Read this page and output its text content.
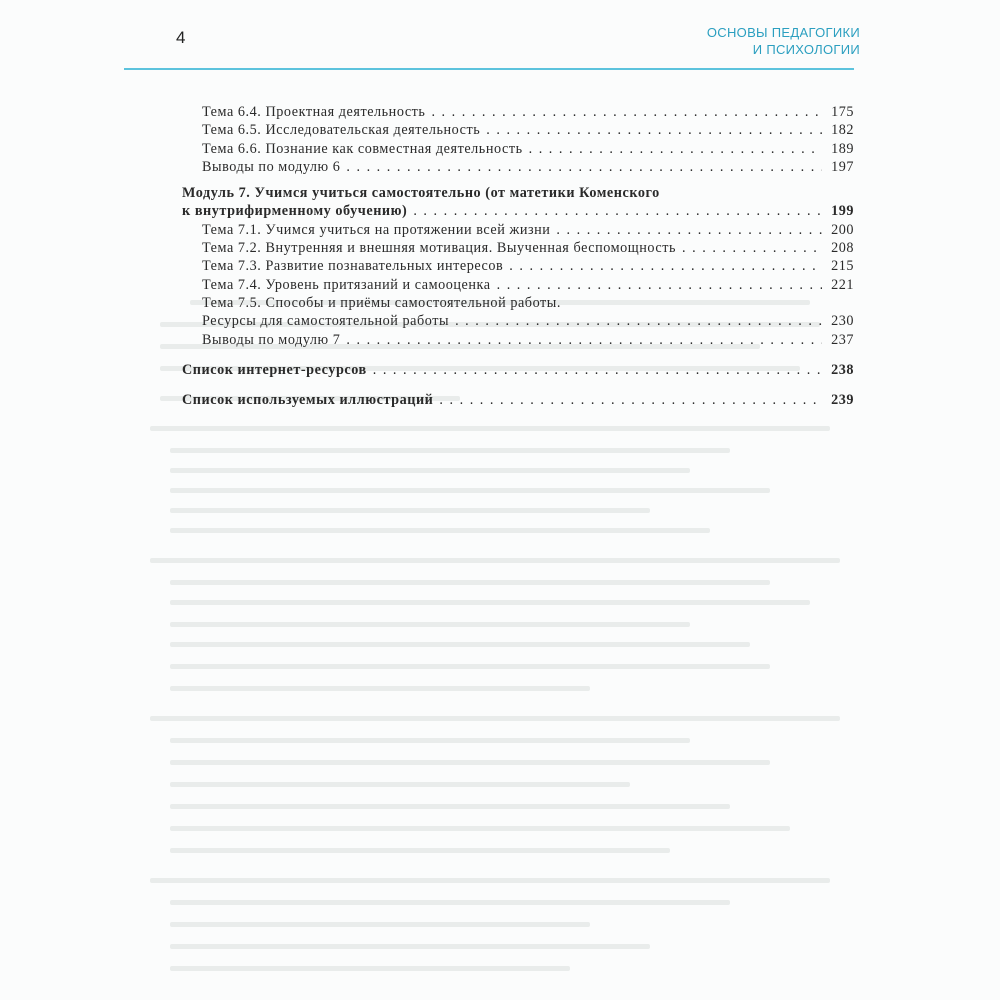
4	ОСНОВЫ ПЕДАГОГИКИ
И ПСИХОЛОГИИ
Тема 6.4. Проектная деятельность . . .	175
Тема 6.5. Исследовательская деятельность . . .	182
Тема 6.6. Познание как совместная деятельность . . .	189
Выводы по модулю 6 . . .	197
Модуль 7. Учимся учиться самостоятельно (от матетики Коменского
к внутрифирменному обучению) . . .	199
Тема 7.1. Учимся учиться на протяжении всей жизни . . .	200
Тема 7.2. Внутренняя и внешняя мотивация. Выученная беспомощность . . .	208
Тема 7.3. Развитие познавательных интересов . . .	215
Тема 7.4. Уровень притязаний и самооценка . . .	221
Тема 7.5. Способы и приёмы самостоятельной работы.
Ресурсы для самостоятельной работы . . .	230
Выводы по модулю 7 . . .	237
Список интернет-ресурсов . . .	238
Список используемых иллюстраций . . .	239
